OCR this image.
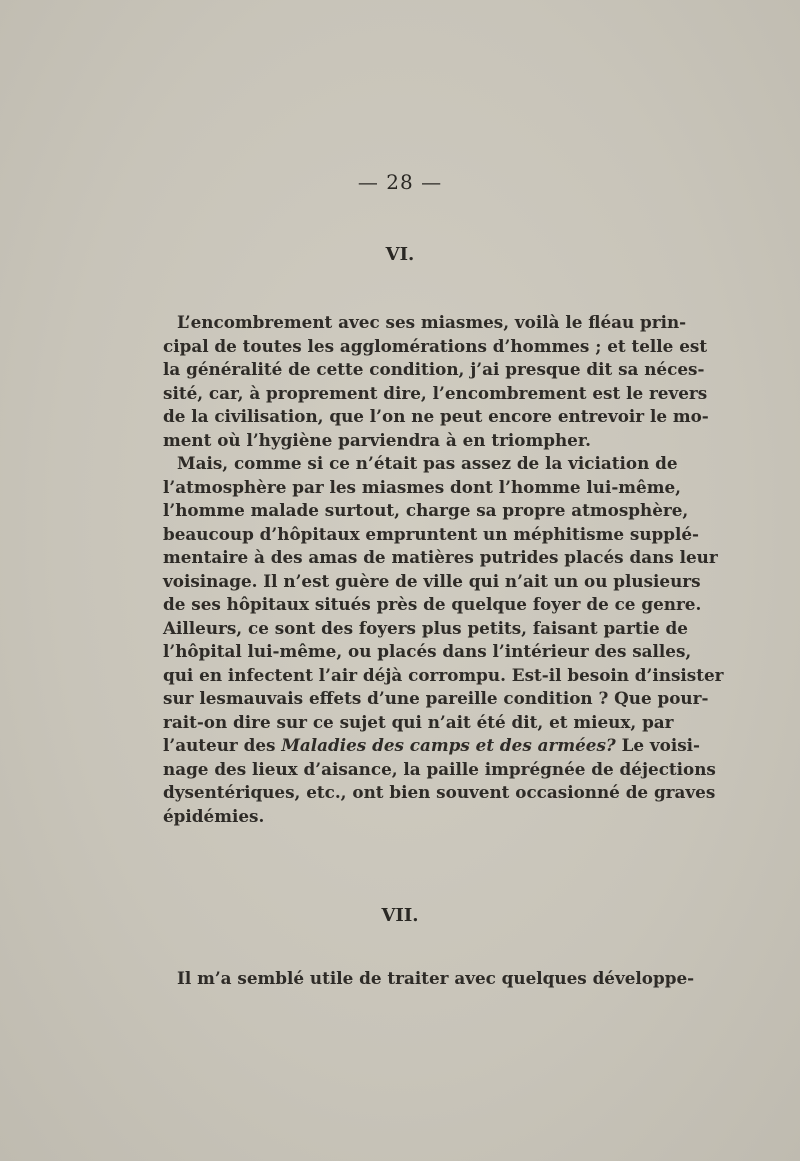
— 28 —
VI.
L’encombrement avec ses miasmes, voilà le fléau prin-
cipal de toutes les agglomérations d’hommes ; et telle est
la généralité de cette condition, j’ai presque dit sa néces-
sité, car, à proprement dire, l’encombrement est le revers
de la civilisation, que l’on ne peut encore entrevoir le mo-
ment où l’hygiène parviendra à en triompher.
Mais, comme si ce n’était pas assez de la viciation de
l’atmosphère par les miasmes dont l’homme lui-même,
l’homme malade surtout, charge sa propre atmosphère,
beaucoup d’hôpitaux empruntent un méphitisme supplé-
mentaire à des amas de matières putrides placés dans leur
voisinage. Il n’est guère de ville qui n’ait un ou plusieurs
de ses hôpitaux situés près de quelque foyer de ce genre.
Ailleurs, ce sont des foyers plus petits, faisant partie de
l’hôpital lui-même, ou placés dans l’intérieur des salles,
qui en infectent l’air déjà corrompu. Est-il besoin d’insister
sur lesmauvais effets d’une pareille condition ? Que pour-
rait-on dire sur ce sujet qui n’ait été dit, et mieux, par
l’auteur des Maladies des camps et des armées? Le voisi-
nage des lieux d’aisance, la paille imprégnée de déjections
dysentériques, etc., ont bien souvent occasionné de graves
épidémies.
VII.
Il m’a semblé utile de traiter avec quelques développe-
